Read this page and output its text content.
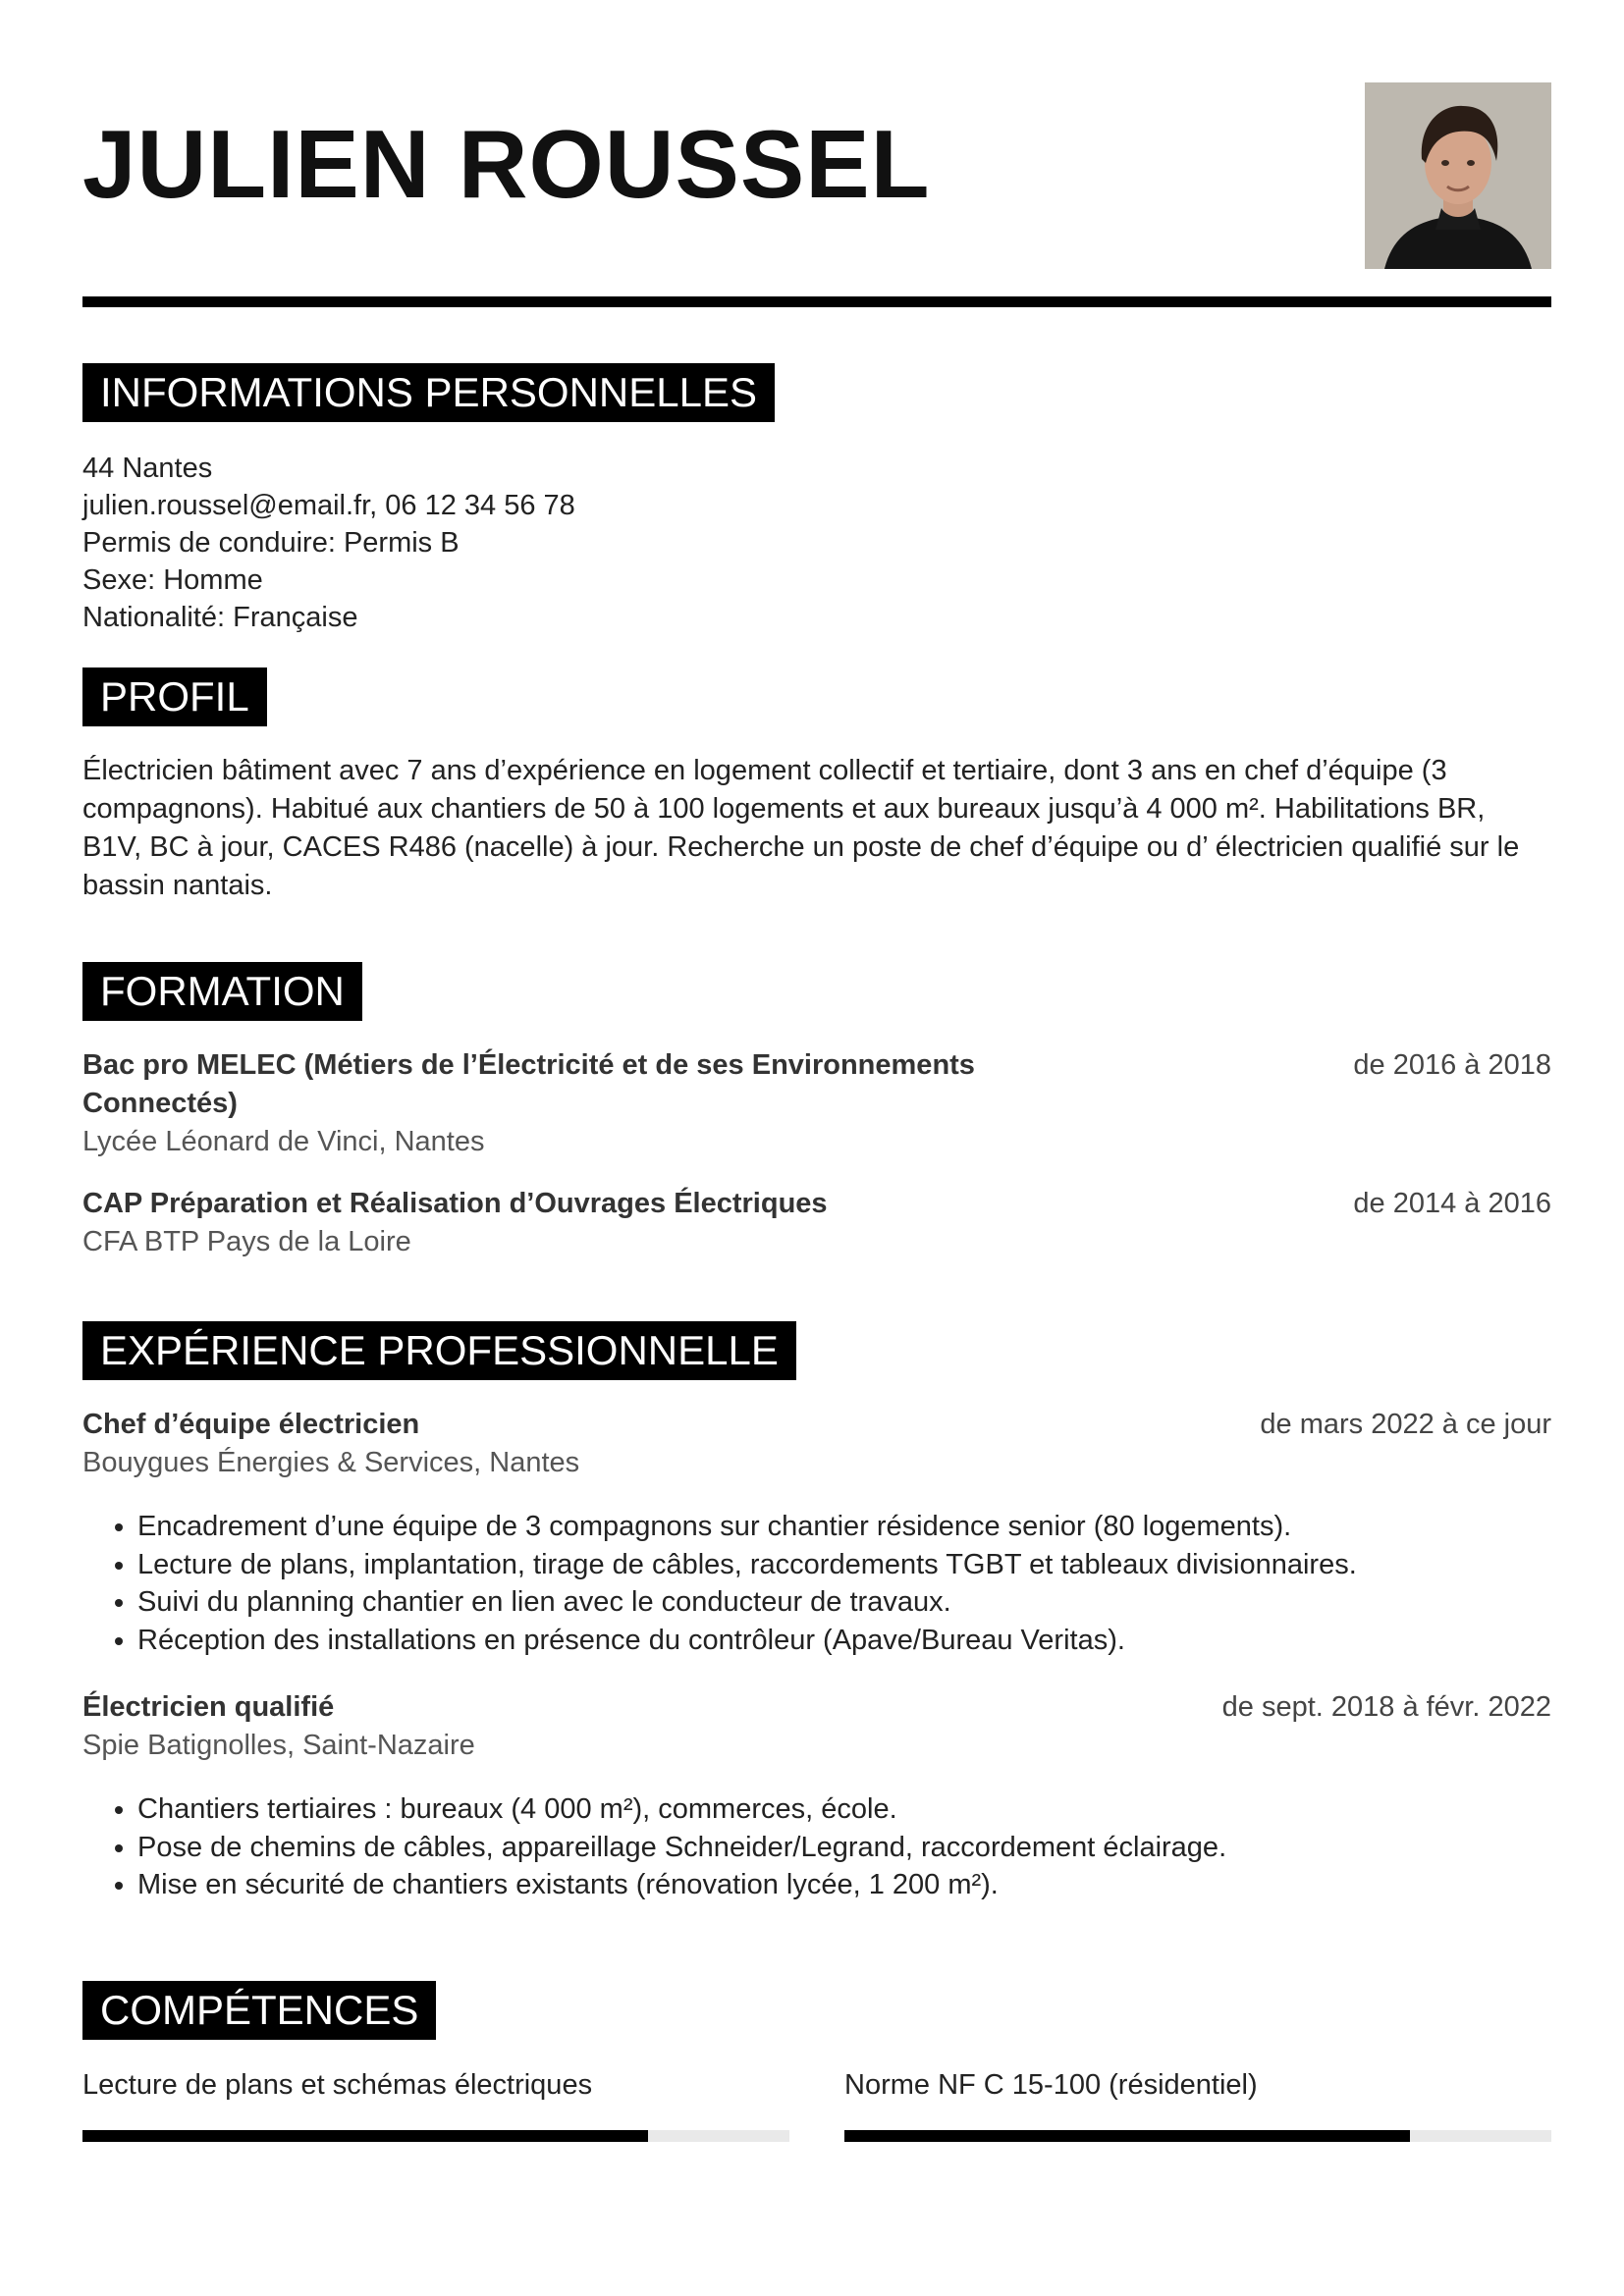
JULIEN ROUSSEL
INFORMATIONS PERSONNELLES
44 Nantes
julien.roussel@email.fr, 06 12 34 56 78
Permis de conduire: Permis B
Sexe: Homme
Nationalité: Française
PROFIL
Électricien bâtiment avec 7 ans d’expérience en logement collectif et tertiaire, dont 3 ans en chef d’équipe (3 compagnons). Habitué aux chantiers de 50 à 100 logements et aux bureaux jusqu’à 4 000 m². Habilitations BR, B1V, BC à jour, CACES R486 (nacelle) à jour. Recherche un poste de chef d’équipe ou d’ électricien qualifié sur le bassin nantais.
FORMATION
Bac pro MELEC (Métiers de l’Électricité et de ses Environnements Connectés)
de 2016 à 2018
Lycée Léonard de Vinci, Nantes
CAP Préparation et Réalisation d’Ouvrages Électriques	de 2014 à 2016
CFA BTP Pays de la Loire
EXPÉRIENCE PROFESSIONNELLE
Chef d’équipe électricien	de mars 2022 à ce jour
Bouygues Énergies & Services, Nantes
• Encadrement d’une équipe de 3 compagnons sur chantier résidence senior (80 logements).
• Lecture de plans, implantation, tirage de câbles, raccordements TGBT et tableaux divisionnaires.
• Suivi du planning chantier en lien avec le conducteur de travaux.
• Réception des installations en présence du contrôleur (Apave/Bureau Veritas).
Électricien qualifié	de sept. 2018 à févr. 2022
Spie Batignolles, Saint-Nazaire
• Chantiers tertiaires : bureaux (4 000 m²), commerces, école.
• Pose de chemins de câbles, appareillage Schneider/Legrand, raccordement éclairage.
• Mise en sécurité de chantiers existants (rénovation lycée, 1 200 m²).
COMPÉTENCES
Lecture de plans et schémas électriques	Norme NF C 15-100 (résidentiel)
